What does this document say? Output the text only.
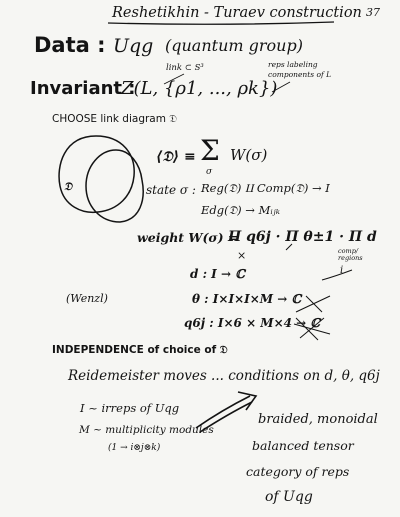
Reshetikhin - Turaev construction 37
Data : Uqg (quantum group)
link ⊂ S³	reps labeling components of L
Invariant :
Z(L, {ρ1, ..., ρk})
CHOOSE link diagram 𝔇
𝔇
⟨𝔇⟩ ≡ Σ
σ
W(σ)
state σ : Reg(𝔇) ⨿ Comp(𝔇) → I
Edg(𝔇) → Mᵢⱼₖ
weight W(σ) =
Π q6j · Π θ±1 · Π d
×	comp/ regions
d : I → ℂ
θ : I×I×I×M → ℂ
q6j : I×6 × M×4 → ℂ
(Wenzl)
i
INDEPENDENCE of choice of 𝔇
Reidemeister moves ... conditions on d, θ, q6j
I ~ irreps of Uqg
M ~ multiplicity modules
(1 → i⊗j⊗k)
braided, monoidal
balanced tensor
category of reps
of Uqg
